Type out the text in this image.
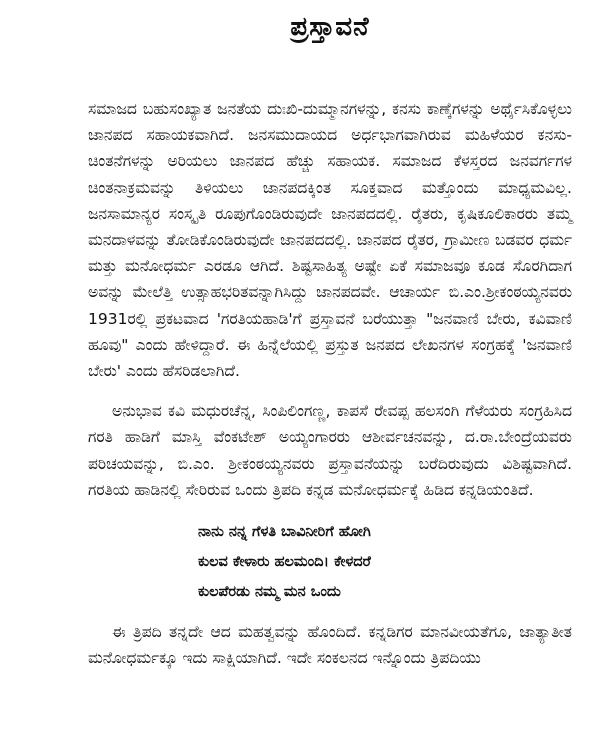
ಪ್ರಸ್ತಾವನೆ

ಸಮಾಜದ ಬಹುಸಂಖ್ಯಾತ ಜನತೆಯ ದುಃಖಿ-ದುಮ್ಮಾನಗಳನ್ನು, ಕನಸು ಕಾಣ್ಕೆಗಳನ್ನು ಅರ್ಥೈಸಿಕೊಳ್ಳಲು ಜಾನಪದ ಸಹಾಯಕವಾಗಿದೆ. ಜನಸಮುದಾಯದ ಅರ್ಧಭಾಗವಾಗಿರುವ ಮಹಿಳೆಯರ ಕನಸು-ಚಿಂತನೆಗಳನ್ನು ಅರಿಯಲು ಜಾನಪದ ಹೆಚ್ಚು ಸಹಾಯಕ. ಸಮಾಜದ ಕೆಳಸ್ತರದ ಜನವರ್ಗಗಳ ಚಿಂತನಾಕ್ರಮವನ್ನು ತಿಳಿಯಲು ಜಾನಪದಕ್ಕಿಂತ ಸೂಕ್ತವಾದ ಮತ್ತೊಂದು ಮಾಧ್ಯಮವಿಲ್ಲ. ಜನಸಾಮಾನ್ಯರ ಸಂಸ್ಕೃತಿ ರೂಪುಗೊಂಡಿರುವುದೇ ಜಾನಪದದಲ್ಲಿ. ರೈತರು, ಕೃಷಿಕೂಲಿಕಾರರು ತಮ್ಮ ಮನದಾಳವನ್ನು ತೋಡಿಕೊಂಡಿರುವುದೇ ಜಾನಪದದಲ್ಲಿ. ಜಾನಪದ ರೈತರ, ಗ್ರಾಮೀಣ ಬಡವರ ಧರ್ಮ ಮತ್ತು ಮನೋಧರ್ಮ ಎರಡೂ ಆಗಿದೆ. ಶಿಷ್ಟಸಾಹಿತ್ಯ ಅಷ್ಟೇ ಏಕೆ ಸಮಾಜವೂ ಕೂಡ ಸೊರಗಿದಾಗ ಅವನ್ನು ಮೇಲೆತ್ತಿ ಉತ್ಸಾಹಭರಿತವನ್ನಾಗಿಸಿದ್ದು ಜಾನಪದವೇ. ಆಚಾರ್ಯ ಬಿ.ಎಂ.ಶ್ರೀಕಂಠಯ್ಯನವರು 1931ರಲ್ಲಿ ಪ್ರಕಟವಾದ 'ಗರತಿಯಹಾಡಿ'ಗೆ ಪ್ರಸ್ತಾವನೆ ಬರೆಯುತ್ತಾ "ಜನವಾಣಿ ಬೇರು, ಕವಿವಾಣಿ ಹೂವು" ಎಂದು ಹೇಳಿದ್ದಾರೆ. ಈ ಹಿನ್ನೆಲೆಯಲ್ಲಿ ಪ್ರಸ್ತುತ ಜನಪದ ಲೇಖನಗಳ ಸಂಗ್ರಹಕ್ಕೆ 'ಜನವಾಣಿ ಬೇರು' ಎಂದು ಹೆಸರಿಡಲಾಗಿದೆ.

ಅನುಭಾವ ಕವಿ ಮಧುರಚೆನ್ನ, ಸಿಂಪಿಲಿಂಗಣ್ಣ, ಕಾಪಸೆ ರೇವಪ್ಪ ಹಲಸಂಗಿ ಗೆಳೆಯರು ಸಂಗ್ರಹಿಸಿದ ಗರತಿ ಹಾಡಿಗೆ ಮಾಸ್ತಿ ವೆಂಕಟೇಶ್ ಅಯ್ಯಂಗಾರರು ಆಶೀರ್ವಚನವನ್ನು, ದ.ರಾ.ಬೇಂದ್ರೆಯವರು ಪರಿಚಯವನ್ನು, ಬಿ.ಎಂ. ಶ್ರೀಕಂಠಯ್ಯನವರು ಪ್ರಸ್ತಾವನೆಯನ್ನು ಬರೆದಿರುವುದು ವಿಶಿಷ್ಟವಾಗಿದೆ. ಗರತಿಯ ಹಾಡಿನಲ್ಲಿ ಸೇರಿರುವ ಒಂದು ತ್ರಿಪದಿ ಕನ್ನಡ ಮನೋಧರ್ಮಕ್ಕೆ ಹಿಡಿದ ಕನ್ನಡಿಯಂತಿದೆ.

ನಾನು ನನ್ನ ಗೆಳತಿ ಬಾವಿನೀರಿಗೆ ಹೋಗಿ
ಕುಲವ ಕೇಳಾರು ಹಲಮಂದಿ। ಕೇಳದರೆ
ಕುಲಪೆರಡು ನಮ್ಮ ಮನ ಒಂದು

ಈ ತ್ರಿಪದಿ ತನ್ನದೇ ಆದ ಮಹತ್ವವನ್ನು ಹೊಂದಿದೆ. ಕನ್ನಡಿಗರ ಮಾನವೀಯತೆಗೂ, ಜಾತ್ಯಾತೀತ ಮನೋಧರ್ಮಕ್ಕೂ ಇದು ಸಾಕ್ಷಿಯಾಗಿದೆ. ಇದೇ ಸಂಕಲನದ ಇನ್ನೊಂದು ತ್ರಿಪದಿಯು
